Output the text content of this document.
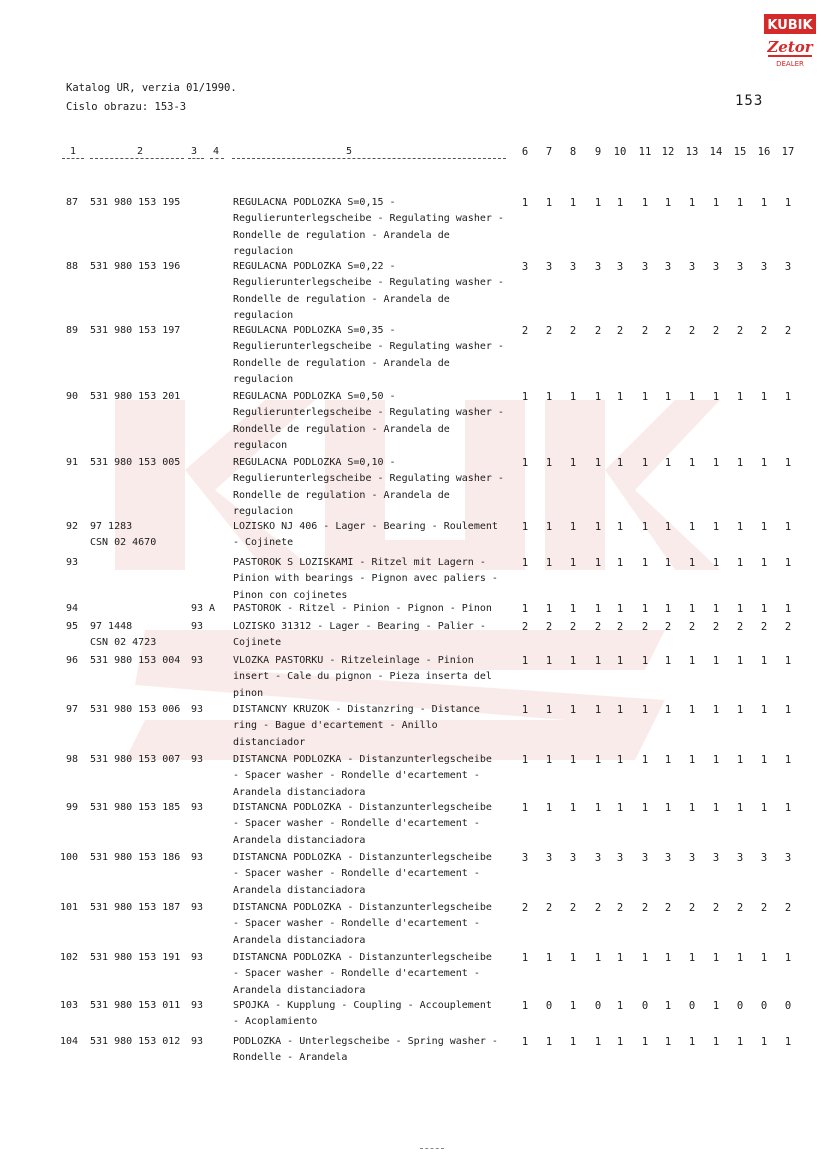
KUBIK
Zetor
DEALER
Katalog UR, verzia 01/1990.
Cislo obrazu: 153-3	153
1	2	3 4	5	6	7	8	9	10 11 12 13 14 15 16 17
87 531 980 153 195	REGULACNA PODLOZKA S=0,15 -
Regulierunterlegscheibe - Regulating washer -
Rondelle de regulation - Arandela de
regulacion
1	1	1	1	1	1	1	1	1	1	1	1
88 531 980 153 196	REGULACNA PODLOZKA S=0,22 -
Regulierunterlegscheibe - Regulating washer -
Rondelle de regulation - Arandela de
regulacion
3	3	3	3	3	3	3	3	3	3	3	3
89 531 980 153 197	REGULACNA PODLOZKA S=0,35 -
Regulierunterlegscheibe - Regulating washer -
Rondelle de regulation - Arandela de
regulacion
2	2	2	2	2	2	2	2	2	2	2	2
90 531 980 153 201	REGULACNA PODLOZKA S=0,50 -
Regulierunterlegscheibe - Regulating washer -
Rondelle de regulation - Arandela de
regulacon
1	1	1	1	1	1	1	1	1	1	1	1
91 531 980 153 005	REGULACNA PODLOZKA S=0,10 -
Regulierunterlegscheibe - Regulating washer -
Rondelle de regulation - Arandela de
regulacion
1	1	1	1	1	1	1	1	1	1	1	1
92 97 1283
CSN 02 4670
LOZISKO NJ 406 - Lager - Bearing - Roulement
- Cojinete
1	1	1	1	1	1	1	1	1	1	1	1
93	PASTOROK S LOZISKAMI - Ritzel mit Lagern -
Pinion with bearings - Pignon avec paliers -
Pinon con cojinetes
1	1	1	1	1	1	1	1	1	1	1	1
94	93 A	PASTOROK - Ritzel - Pinion - Pignon - Pinon	1	1	1	1	1	1	1	1	1	1	1	1
95 97 1448
CSN 02 4723
93	LOZISKO 31312 - Lager - Bearing - Palier -
Cojinete
2	2	2	2	2	2	2	2	2	2	2	2
96 531 980 153 004	93	VLOZKA PASTORKU - Ritzeleinlage - Pinion
insert - Cale du pignon - Pieza inserta del
pinon
1	1	1	1	1	1	1	1	1	1	1	1
97 531 980 153 006	93	DISTANCNY KRUZOK - Distanzring - Distance
ring - Bague d'ecartement - Anillo
distanciador
1	1	1	1	1	1	1	1	1	1	1	1
98 531 980 153 007	93	DISTANCNA PODLOZKA - Distanzunterlegscheibe
- Spacer washer - Rondelle d'ecartement -
Arandela distanciadora
1	1	1	1	1	1	1	1	1	1	1	1
99 531 980 153 185	93	DISTANCNA PODLOZKA - Distanzunterlegscheibe
- Spacer washer - Rondelle d'ecartement -
Arandela distanciadora
1	1	1	1	1	1	1	1	1	1	1	1
100 531 980 153 186	93	DISTANCNA PODLOZKA - Distanzunterlegscheibe
- Spacer washer - Rondelle d'ecartement -
Arandela distanciadora
3	3	3	3	3	3	3	3	3	3	3	3
101 531 980 153 187	93	DISTANCNA PODLOZKA - Distanzunterlegscheibe
- Spacer washer - Rondelle d'ecartement -
Arandela distanciadora
2	2	2	2	2	2	2	2	2	2	2	2
102 531 980 153 191	93	DISTANCNA PODLOZKA - Distanzunterlegscheibe
- Spacer washer - Rondelle d'ecartement -
Arandela distanciadora
1	1	1	1	1	1	1	1	1	1	1	1
103 531 980 153 011	93	SPOJKA - Kupplung - Coupling - Accouplement
- Acoplamiento
1	0	1	0	1	0	1	0	1	0	0	0
104 531 980 153 012	93	PODLOZKA - Unterlegscheibe - Spring washer -
Rondelle - Arandela
1	1	1	1	1	1	1	1	1	1	1	1
